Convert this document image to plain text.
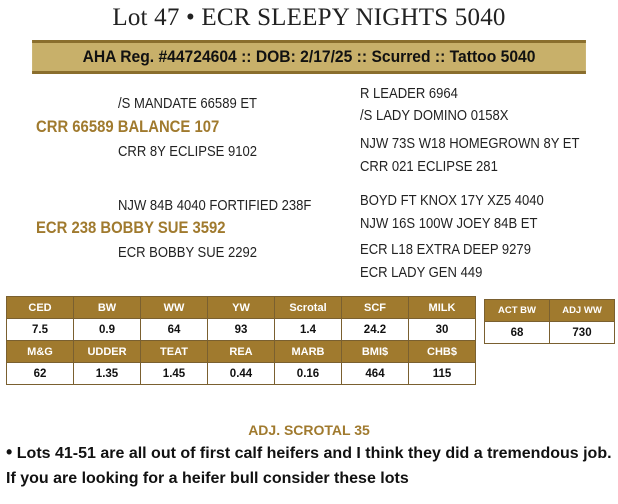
Lot 47 • ECR SLEEPY NIGHTS 5040
AHA Reg. #44724604 :: DOB: 2/17/25 :: Scurred :: Tattoo 5040
/S MANDATE 66589 ET
CRR 66589 BALANCE 107
CRR 8Y ECLIPSE 9102
R LEADER 6964
/S LADY DOMINO 0158X
NJW 73S W18 HOMEGROWN 8Y ET
CRR 021 ECLIPSE 281
NJW 84B 4040 FORTIFIED 238F
ECR 238 BOBBY SUE 3592
ECR BOBBY SUE 2292
BOYD FT KNOX 17Y XZ5 4040
NJW 16S 100W JOEY 84B ET
ECR L18 EXTRA DEEP 9279
ECR LADY GEN 449
CED	BW	WW	YW	Scrotal	SCF	MILK
7.5	0.9	64	93	1.4	24.2	30
M&G	UDDER	TEAT	REA	MARB	BMI$	CHB$
62	1.35	1.45	0.44	0.16	464	115
ACT BW	ADJ WW
68	730
ADJ. SCROTAL 35
• Lots 41-51 are all out of first calf heifers and I think they did a tremendous job. If you are looking for a heifer bull consider these lots
